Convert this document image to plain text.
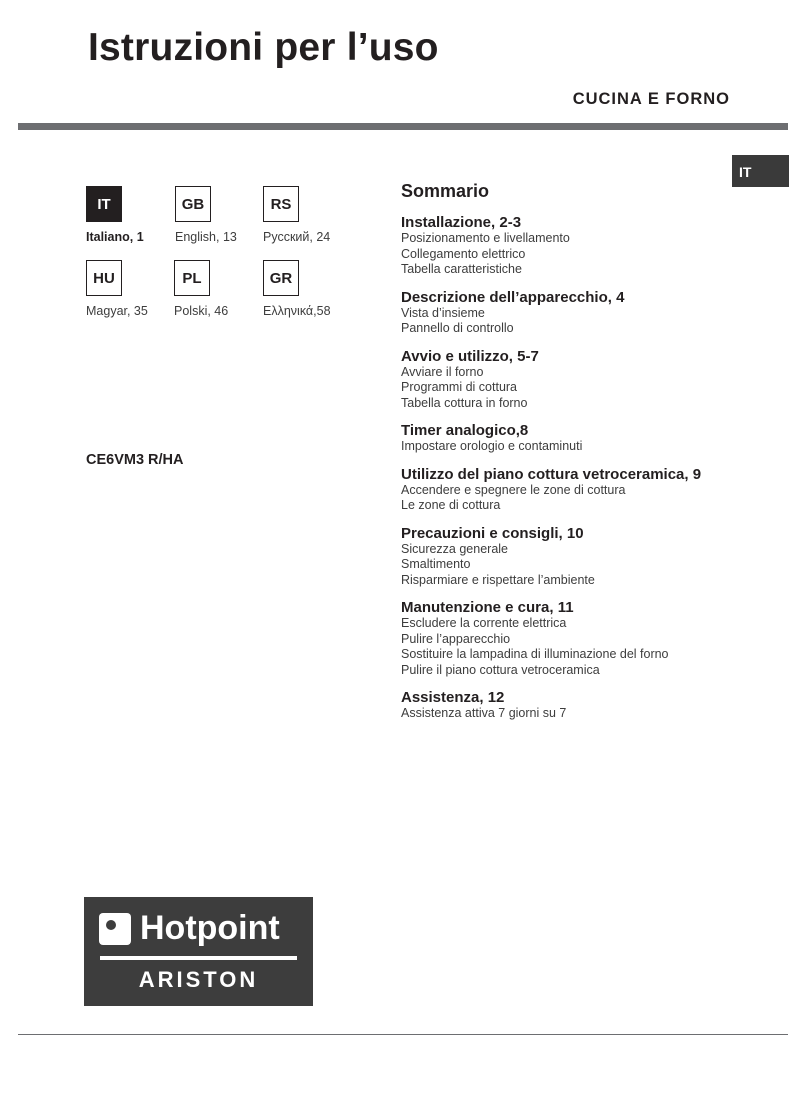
Istruzioni per l’uso
CUCINA E FORNO
IT
IT
Italiano, 1
GB
English, 13
RS
Русский, 24
HU
Magyar, 35
PL
Polski, 46
GR
Ελληνικά,58
CE6VM3 R/HA
Sommario
Installazione, 2-3
Posizionamento e livellamento
Collegamento elettrico
Tabella caratteristiche
Descrizione dell’apparecchio, 4
Vista d’insieme
Pannello di controllo
Avvio e utilizzo, 5-7
Avviare il forno
Programmi di cottura
Tabella cottura in forno
Timer analogico,8
Impostare orologio e contaminuti
Utilizzo del piano cottura vetroceramica, 9
Accendere e spegnere le zone di cottura
Le zone di cottura
Precauzioni e consigli, 10
Sicurezza generale
Smaltimento
Risparmiare e rispettare l’ambiente
Manutenzione e cura, 11
Escludere la corrente elettrica
Pulire l’apparecchio
Sostituire la lampadina di illuminazione del forno
Pulire il piano cottura vetroceramica
Assistenza, 12
Assistenza attiva 7 giorni su 7
Hotpoint
ARISTON
